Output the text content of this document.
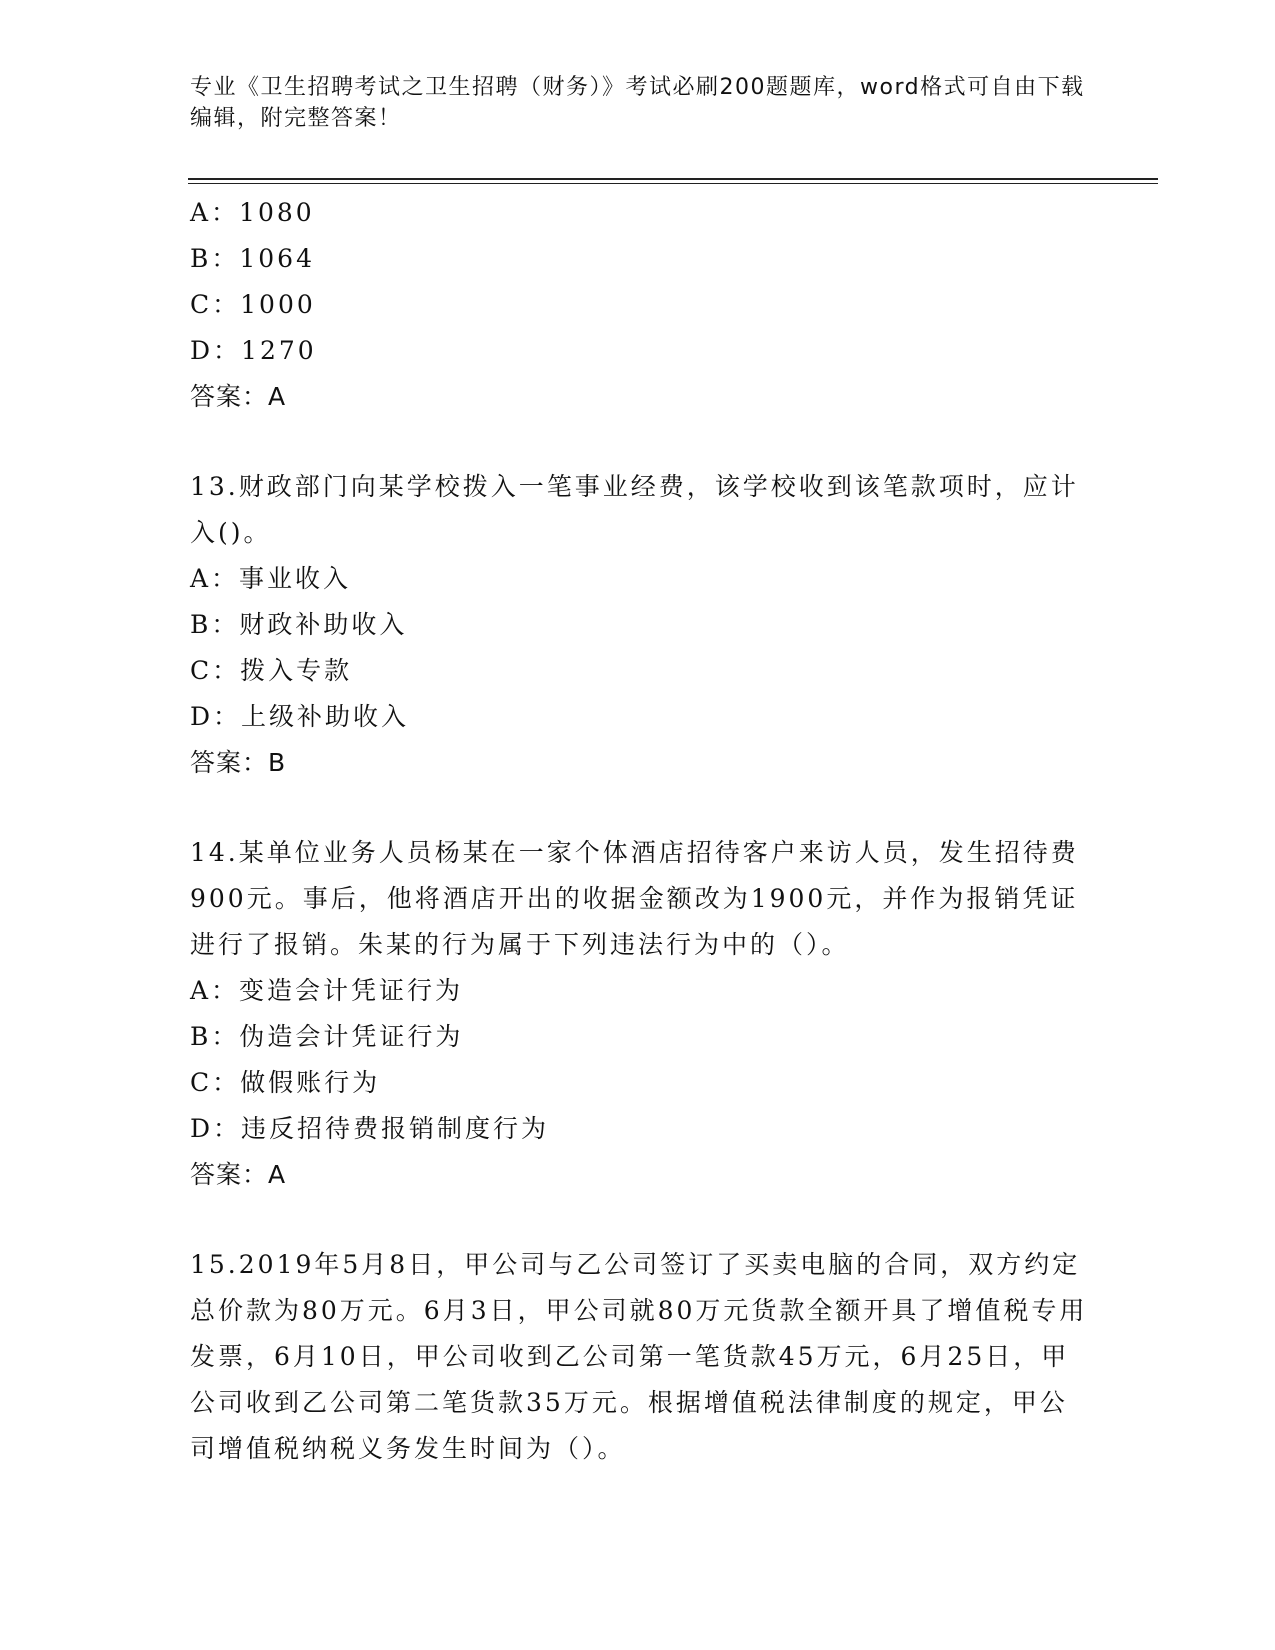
专业《卫生招聘考试之卫生招聘（财务）》考试必刷200题题库，word格式可自由下载编辑，附完整答案！
A：1080
B：1064
C：1000
D：1270
答案：A
13.财政部门向某学校拨入一笔事业经费，该学校收到该笔款项时，应计入()。
A：事业收入
B：财政补助收入
C：拨入专款
D：上级补助收入
答案：B
14.某单位业务人员杨某在一家个体酒店招待客户来访人员，发生招待费900元。事后，他将酒店开出的收据金额改为1900元，并作为报销凭证进行了报销。朱某的行为属于下列违法行为中的（）。
A：变造会计凭证行为
B：伪造会计凭证行为
C：做假账行为
D：违反招待费报销制度行为
答案：A
15.2019年5月8日，甲公司与乙公司签订了买卖电脑的合同，双方约定总价款为80万元。6月3日，甲公司就80万元货款全额开具了增值税专用发票，6月10日，甲公司收到乙公司第一笔货款45万元，6月25日，甲公司收到乙公司第二笔货款35万元。根据增值税法律制度的规定，甲公司增值税纳税义务发生时间为（）。
